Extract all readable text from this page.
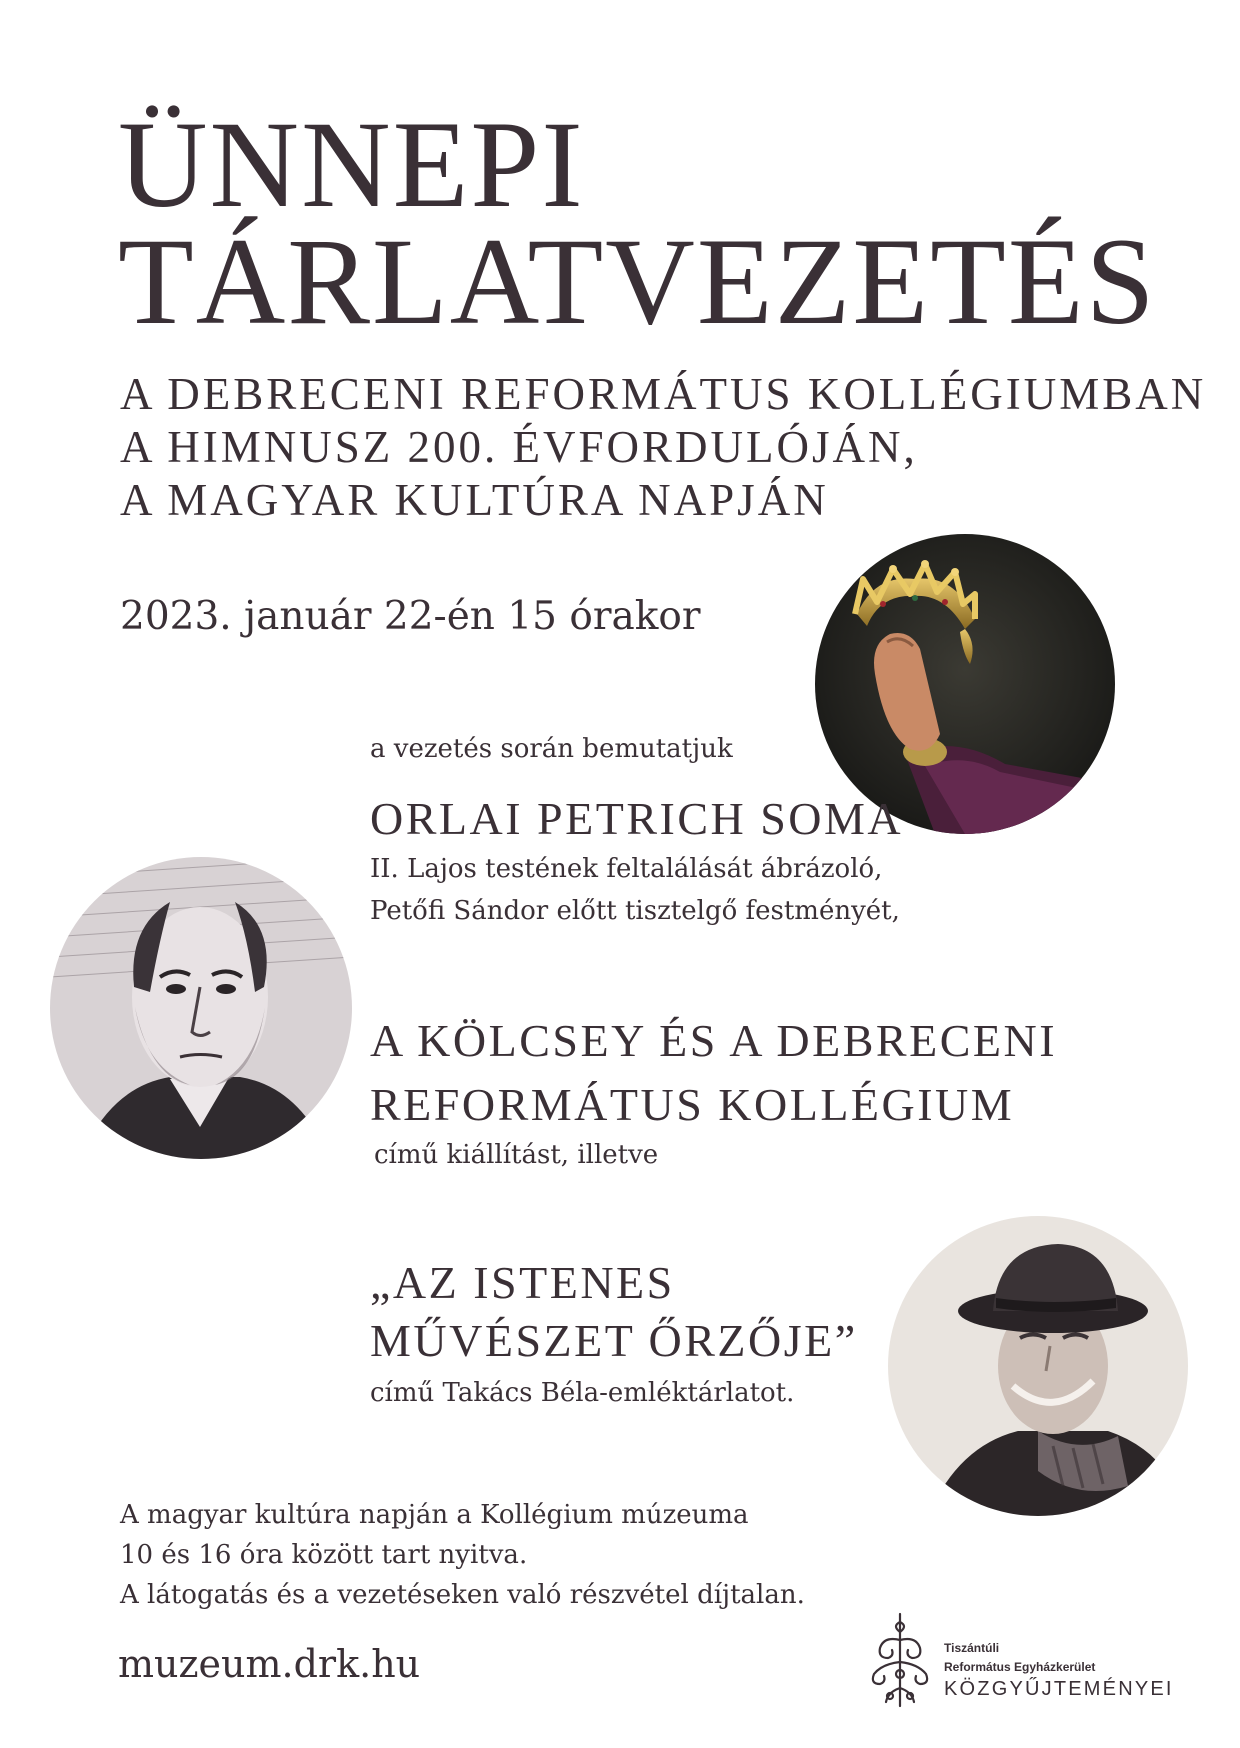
ÜNNEPI
TÁRLATVEZETÉS
A DEBRECENI REFORMÁTUS KOLLÉGIUMBAN
A HIMNUSZ 200. ÉVFORDULÓJÁN,
A MAGYAR KULTÚRA NAPJÁN
2023. január 22-én 15 órakor
a vezetés során bemutatjuk
ORLAI PETRICH SOMA
II. Lajos testének feltalálását ábrázoló,
Petőfi Sándor előtt tisztelgő festményét,
A KÖLCSEY ÉS A DEBRECENI
REFORMÁTUS KOLLÉGIUM
című kiállítást, illetve
„AZ ISTENES
MŰVÉSZET ŐRZŐJE”
című Takács Béla-emléktárlatot.
A magyar kultúra napján a Kollégium múzeuma
10 és 16 óra között tart nyitva.
A látogatás és a vezetéseken való részvétel díjtalan.
muzeum.drk.hu	Tiszántúli
Református Egyházkerület
KÖZGYŰJTEMÉNYEI
